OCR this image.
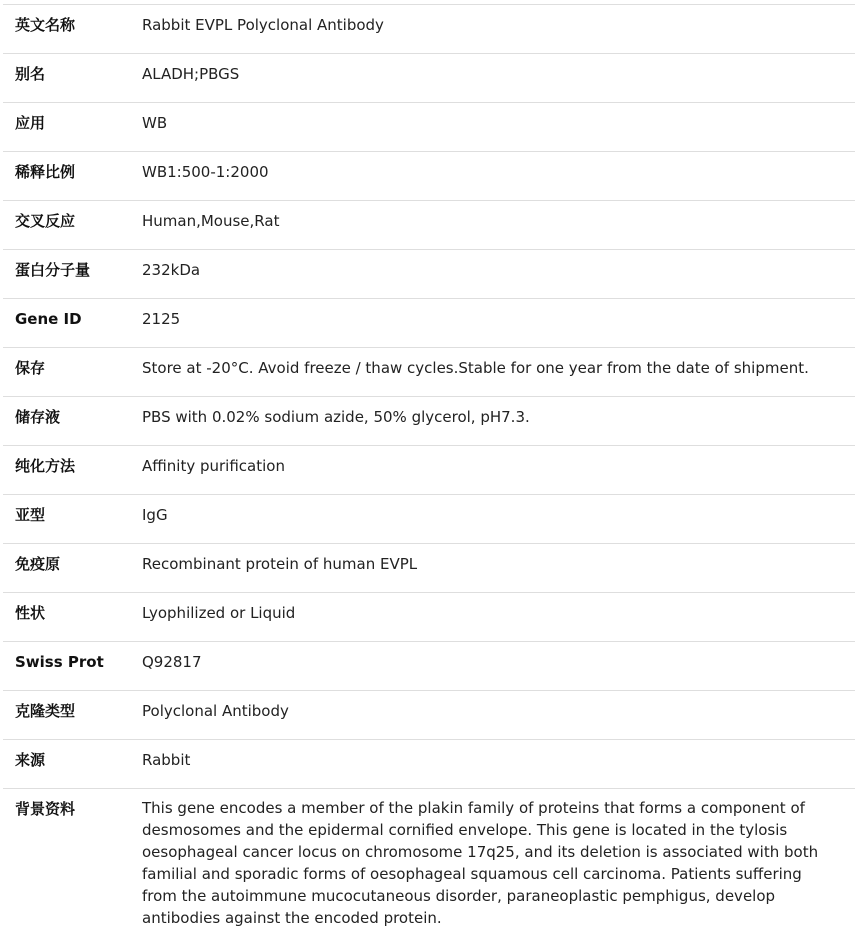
英文名称	Rabbit EVPL Polyclonal Antibody
别名	ALADH;PBGS
应用	WB
稀释比例	WB1:500-1:2000
交叉反应	Human,Mouse,Rat
蛋白分子量	232kDa
Gene ID	2125
保存	Store at -20°C. Avoid freeze / thaw cycles.Stable for one year from the date of shipment.
储存液	PBS with 0.02% sodium azide, 50% glycerol, pH7.3.
纯化方法	Affinity purification
亚型	IgG
免疫原	Recombinant protein of human EVPL
性状	Lyophilized or Liquid
Swiss Prot	Q92817
克隆类型	Polyclonal Antibody
来源	Rabbit
背景资料	This gene encodes a member of the plakin family of proteins that forms a component of desmosomes and the epidermal cornified envelope. This gene is located in the tylosis oesophageal cancer locus on chromosome 17q25, and its deletion is associated with both familial and sporadic forms of oesophageal squamous cell carcinoma. Patients suffering from the autoimmune mucocutaneous disorder, paraneoplastic pemphigus, develop antibodies against the encoded protein.
